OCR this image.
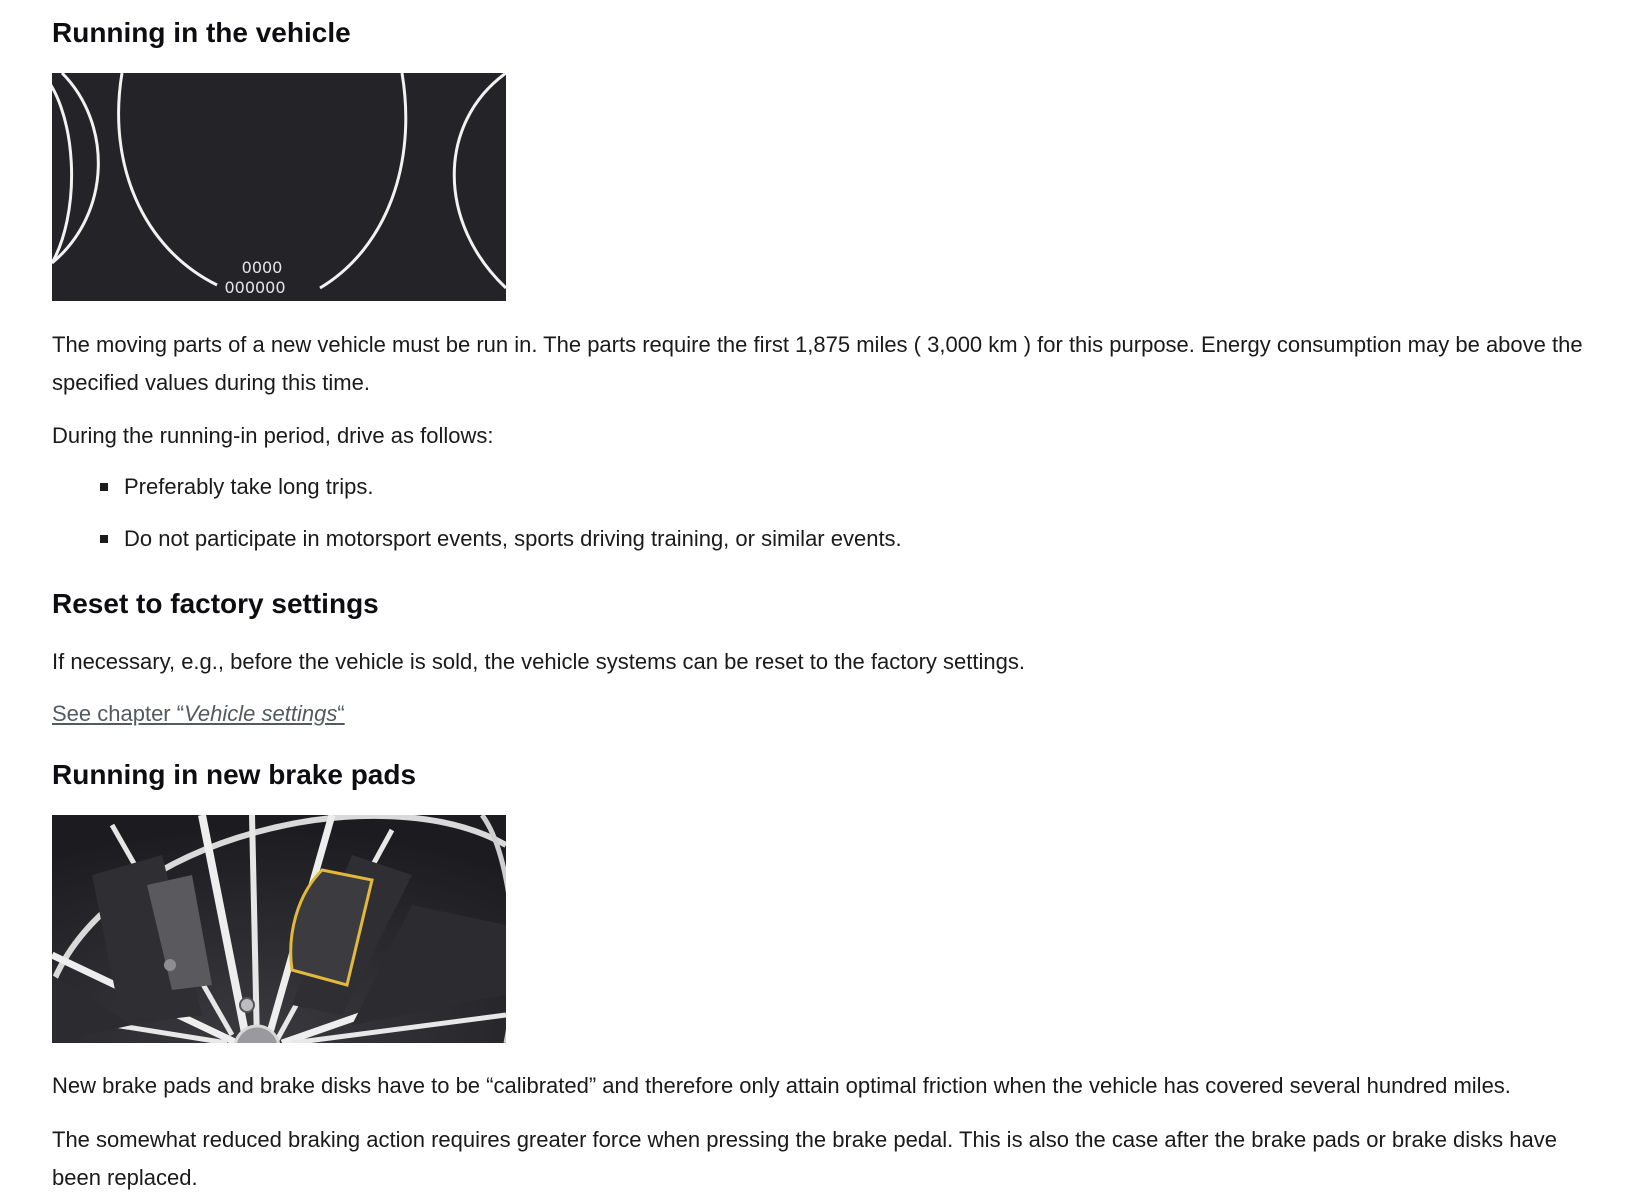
Running in the vehicle
0000
000000

The moving parts of a new vehicle must be run in. The parts require the first 1,875 miles ( 3,000 km ) for this purpose. Energy consumption may be above the specified values during this time.

During the running-in period, drive as follows:

Preferably take long trips.
Do not participate in motorsport events, sports driving training, or similar events.
Reset to factory settings

If necessary, e.g., before the vehicle is sold, the vehicle systems can be reset to the factory settings.

See chapter “Vehicle settings“
Running in new brake pads

New brake pads and brake disks have to be “calibrated” and therefore only attain optimal friction when the vehicle has covered several hundred miles.

The somewhat reduced braking action requires greater force when pressing the brake pedal. This is also the case after the brake pads or brake disks have been replaced.
